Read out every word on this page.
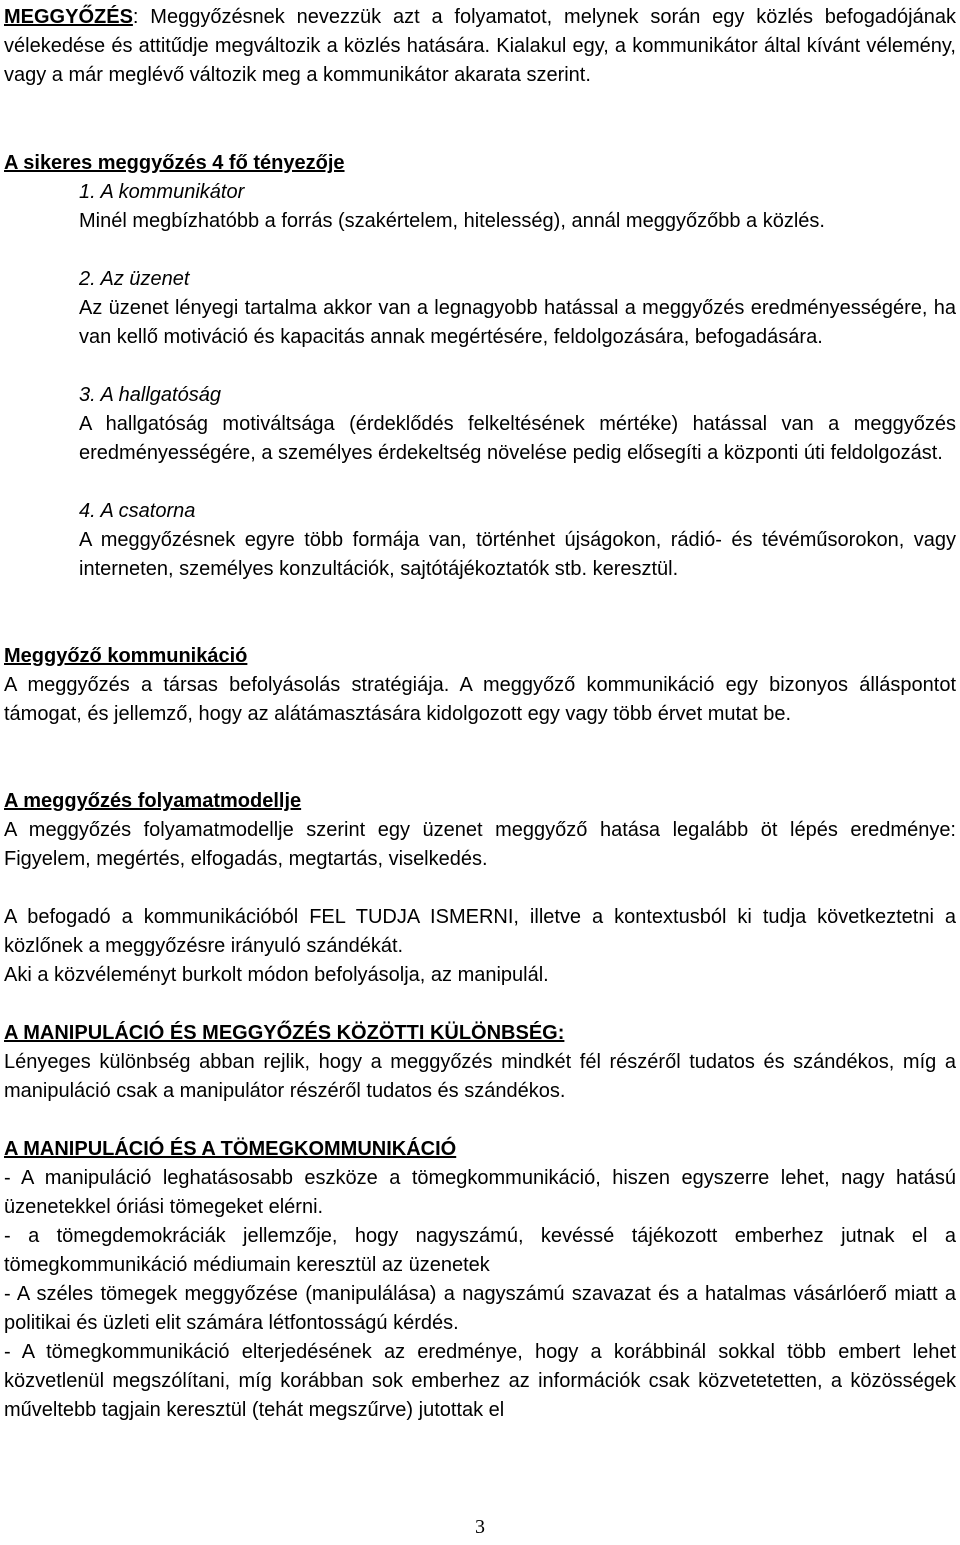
MEGGYŐZÉS: Meggyőzésnek nevezzük azt a folyamatot, melynek során egy közlés befogadójának vélekedése és attitűdje megváltozik a közlés hatására. Kialakul egy, a kommunikátor által kívánt vélemény, vagy a már meglévő változik meg a kommunikátor akarata szerint.

A sikeres meggyőzés 4 fő tényezője

1. A kommunikátor

Minél megbízhatóbb a forrás (szakértelem, hitelesség), annál meggyőzőbb a közlés.

2. Az üzenet

Az üzenet lényegi tartalma akkor van a legnagyobb hatással a meggyőzés eredményességére, ha van kellő motiváció és kapacitás annak megértésére, feldolgozására, befogadására.

3. A hallgatóság

A hallgatóság motiváltsága (érdeklődés felkeltésének mértéke) hatással van a meggyőzés eredményességére, a személyes érdekeltség növelése pedig elősegíti a központi úti feldolgozást.

4. A csatorna

A meggyőzésnek egyre több formája van, történhet újságokon, rádió- és tévéműsorokon, vagy interneten, személyes konzultációk, sajtótájékoztatók stb. keresztül.

Meggyőző kommunikáció

A meggyőzés a társas befolyásolás stratégiája. A meggyőző kommunikáció egy bizonyos álláspontot támogat, és jellemző, hogy az alátámasztására kidolgozott egy vagy több érvet mutat be.

A meggyőzés folyamatmodellje

A meggyőzés folyamatmodellje szerint egy üzenet meggyőző hatása legalább öt lépés eredménye: Figyelem, megértés, elfogadás, megtartás, viselkedés.

A befogadó a kommunikációból FEL TUDJA ISMERNI, illetve a kontextusból ki tudja következtetni a közlőnek a meggyőzésre irányuló szándékát.

Aki a közvéleményt burkolt módon befolyásolja, az manipulál.

A MANIPULÁCIÓ ÉS MEGGYŐZÉS KÖZÖTTI KÜLÖNBSÉG:

Lényeges különbség abban rejlik, hogy a meggyőzés mindkét fél részéről tudatos és szándékos, míg a manipuláció csak a manipulátor részéről tudatos és szándékos.

A MANIPULÁCIÓ ÉS A TÖMEGKOMMUNIKÁCIÓ

- A manipuláció leghatásosabb eszköze a tömegkommunikáció, hiszen egyszerre lehet, nagy hatású üzenetekkel óriási tömegeket elérni.

- a tömegdemokráciák jellemzője, hogy nagyszámú, kevéssé tájékozott emberhez jutnak el a tömegkommunikáció médiumain keresztül az üzenetek

- A széles tömegek meggyőzése (manipulálása) a nagyszámú szavazat és a hatalmas vásárlóerő miatt a politikai és üzleti elit számára létfontosságú kérdés.

- A tömegkommunikáció elterjedésének az eredménye, hogy a korábbinál sokkal több embert lehet közvetlenül megszólítani, míg korábban sok emberhez az információk csak közvetetetten, a közösségek műveltebb tagjain keresztül (tehát megszűrve) jutottak el

3
